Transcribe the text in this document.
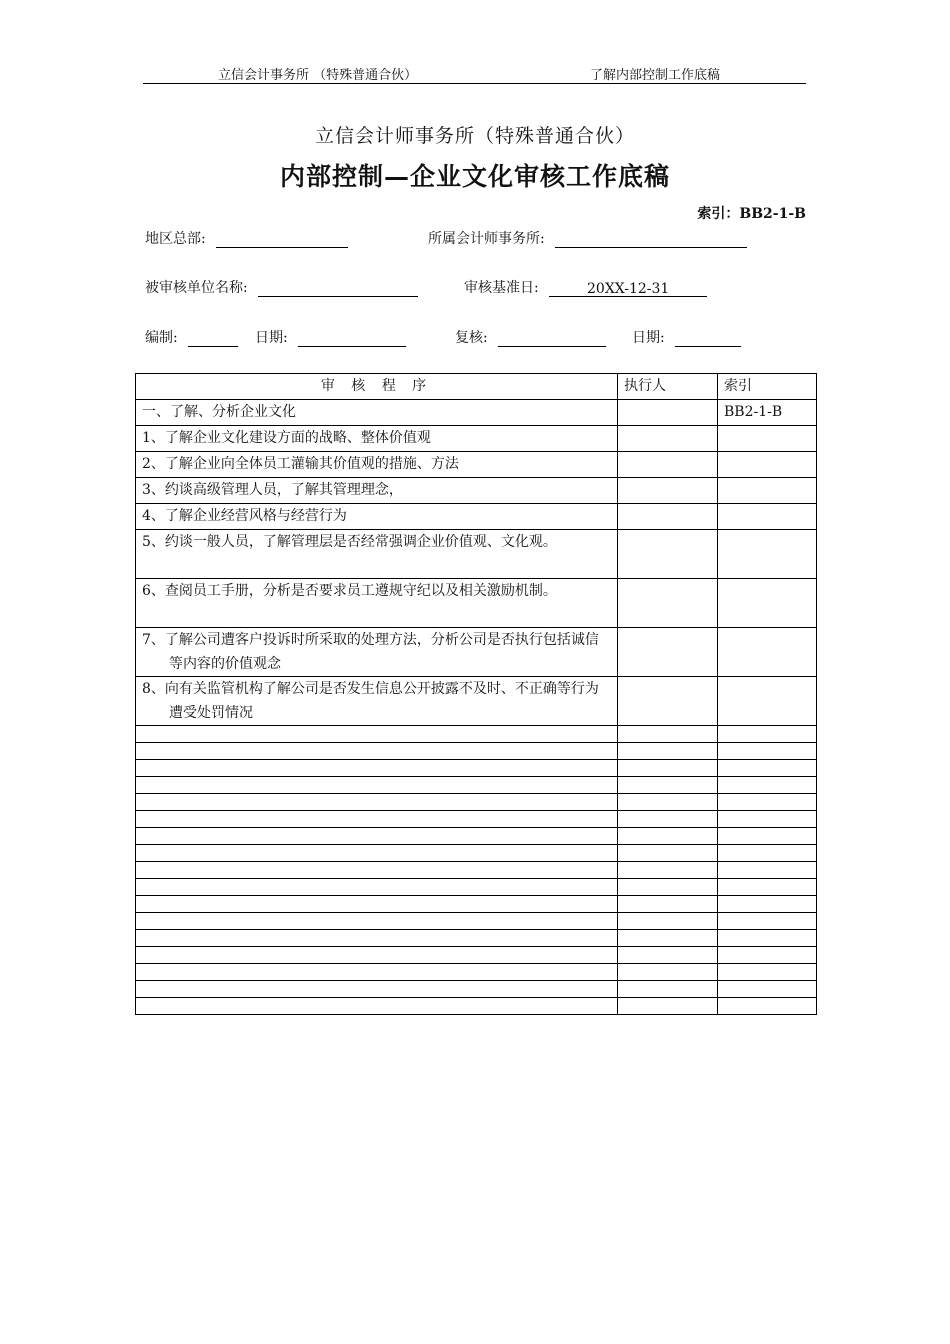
立信会计事务所 （特殊普通合伙）	了解内部控制工作底稿
立信会计师事务所（特殊普通合伙）
内部控制—企业文化审核工作底稿
索引：BB2-1-B
地区总部:	所属会计师事务所:
被审核单位名称:	审核基准日:	20XX-12-31
编制:	日期:	复核:	日期:
审 核 程 序	执行人	索引
一、了解、分析企业文化		BB2-1-B
1、了解企业文化建设方面的战略、整体价值观		
2、了解企业向全体员工灌输其价值观的措施、方法		
3、约谈高级管理人员，了解其管理理念，		
4、了解企业经营风格与经营行为		
5、约谈一般人员，了解管理层是否经常强调企业价值观、文化观。		
6、查阅员工手册，分析是否要求员工遵规守纪以及相关激励机制。		
7、了解公司遭客户投诉时所采取的处理方法，分析公司是否执行包括诚信等内容的价值观念		
8、向有关监管机构了解公司是否发生信息公开披露不及时、不正确等行为遭受处罚情况		
